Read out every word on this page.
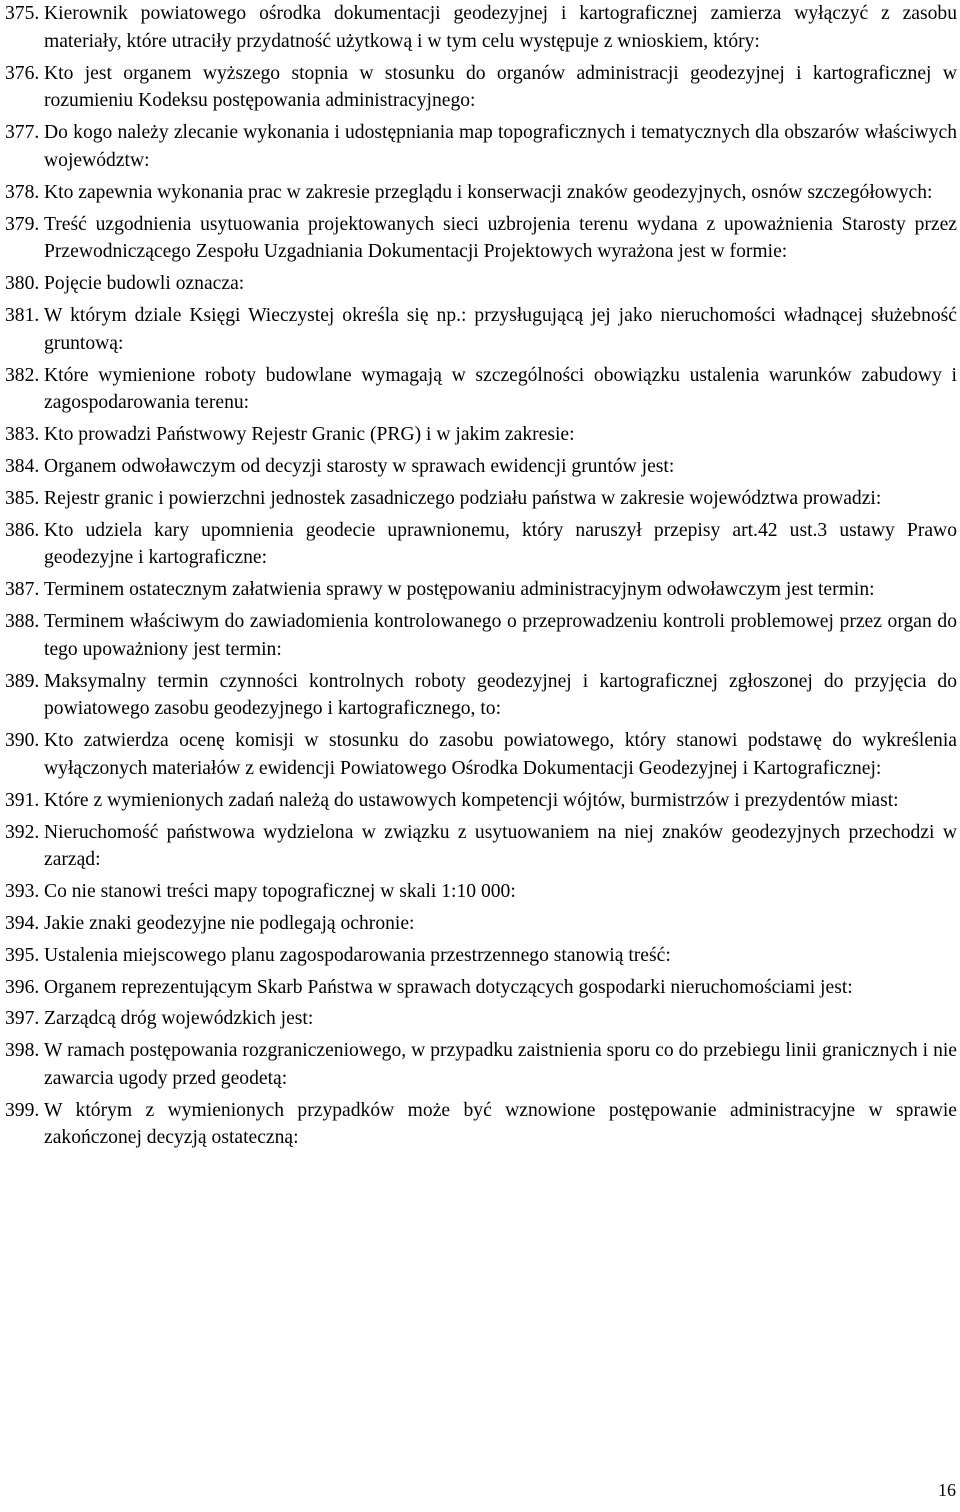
375. Kierownik powiatowego ośrodka dokumentacji geodezyjnej i kartograficznej zamierza wyłączyć z zasobu materiały, które utraciły przydatność użytkową i w tym celu występuje z wnioskiem, który:
376. Kto jest organem wyższego stopnia w stosunku do organów administracji geodezyjnej i kartograficznej w rozumieniu Kodeksu postępowania administracyjnego:
377. Do kogo należy zlecanie wykonania i udostępniania map topograficznych i tematycznych dla obszarów właściwych województw:
378. Kto zapewnia wykonania prac w zakresie przeglądu i konserwacji znaków geodezyjnych, osnów szczegółowych:
379. Treść uzgodnienia usytuowania projektowanych sieci uzbrojenia terenu wydana z upoważnienia Starosty przez Przewodniczącego Zespołu Uzgadniania Dokumentacji Projektowych wyrażona jest w formie:
380. Pojęcie budowli oznacza:
381. W którym dziale Księgi Wieczystej określa się np.: przysługującą jej jako nieruchomości władnącej służebność gruntową:
382. Które wymienione roboty budowlane wymagają w szczególności obowiązku ustalenia warunków zabudowy i zagospodarowania terenu:
383. Kto prowadzi Państwowy Rejestr Granic (PRG) i w jakim zakresie:
384. Organem odwoławczym od decyzji starosty w sprawach ewidencji gruntów jest:
385. Rejestr granic i powierzchni jednostek zasadniczego podziału państwa w zakresie województwa prowadzi:
386. Kto udziela kary upomnienia geodecie uprawnionemu, który naruszył przepisy art.42 ust.3 ustawy Prawo geodezyjne i kartograficzne:
387. Terminem ostatecznym załatwienia sprawy w postępowaniu administracyjnym odwoławczym jest termin:
388. Terminem właściwym do zawiadomienia kontrolowanego o przeprowadzeniu kontroli problemowej przez organ do tego upoważniony jest termin:
389. Maksymalny termin czynności kontrolnych roboty geodezyjnej i kartograficznej zgłoszonej do przyjęcia do powiatowego zasobu geodezyjnego i kartograficznego, to:
390. Kto zatwierdza ocenę komisji w stosunku do zasobu powiatowego, który stanowi podstawę do wykreślenia wyłączonych materiałów z ewidencji Powiatowego Ośrodka Dokumentacji Geodezyjnej i Kartograficznej:
391. Które z wymienionych zadań należą do ustawowych kompetencji wójtów, burmistrzów i prezydentów miast:
392. Nieruchomość państwowa wydzielona w związku z usytuowaniem na niej znaków geodezyjnych przechodzi w zarząd:
393. Co nie stanowi treści mapy topograficznej w skali 1:10 000:
394. Jakie znaki geodezyjne nie podlegają ochronie:
395. Ustalenia miejscowego planu zagospodarowania przestrzennego stanowią treść:
396. Organem reprezentującym Skarb Państwa w sprawach dotyczących gospodarki nieruchomościami jest:
397. Zarządcą dróg wojewódzkich jest:
398. W ramach postępowania rozgraniczeniowego, w przypadku zaistnienia sporu co do przebiegu linii granicznych i nie zawarcia ugody przed geodetą:
399. W którym z wymienionych przypadków może być wznowione postępowanie administracyjne w sprawie zakończonej decyzją ostateczną:
16
